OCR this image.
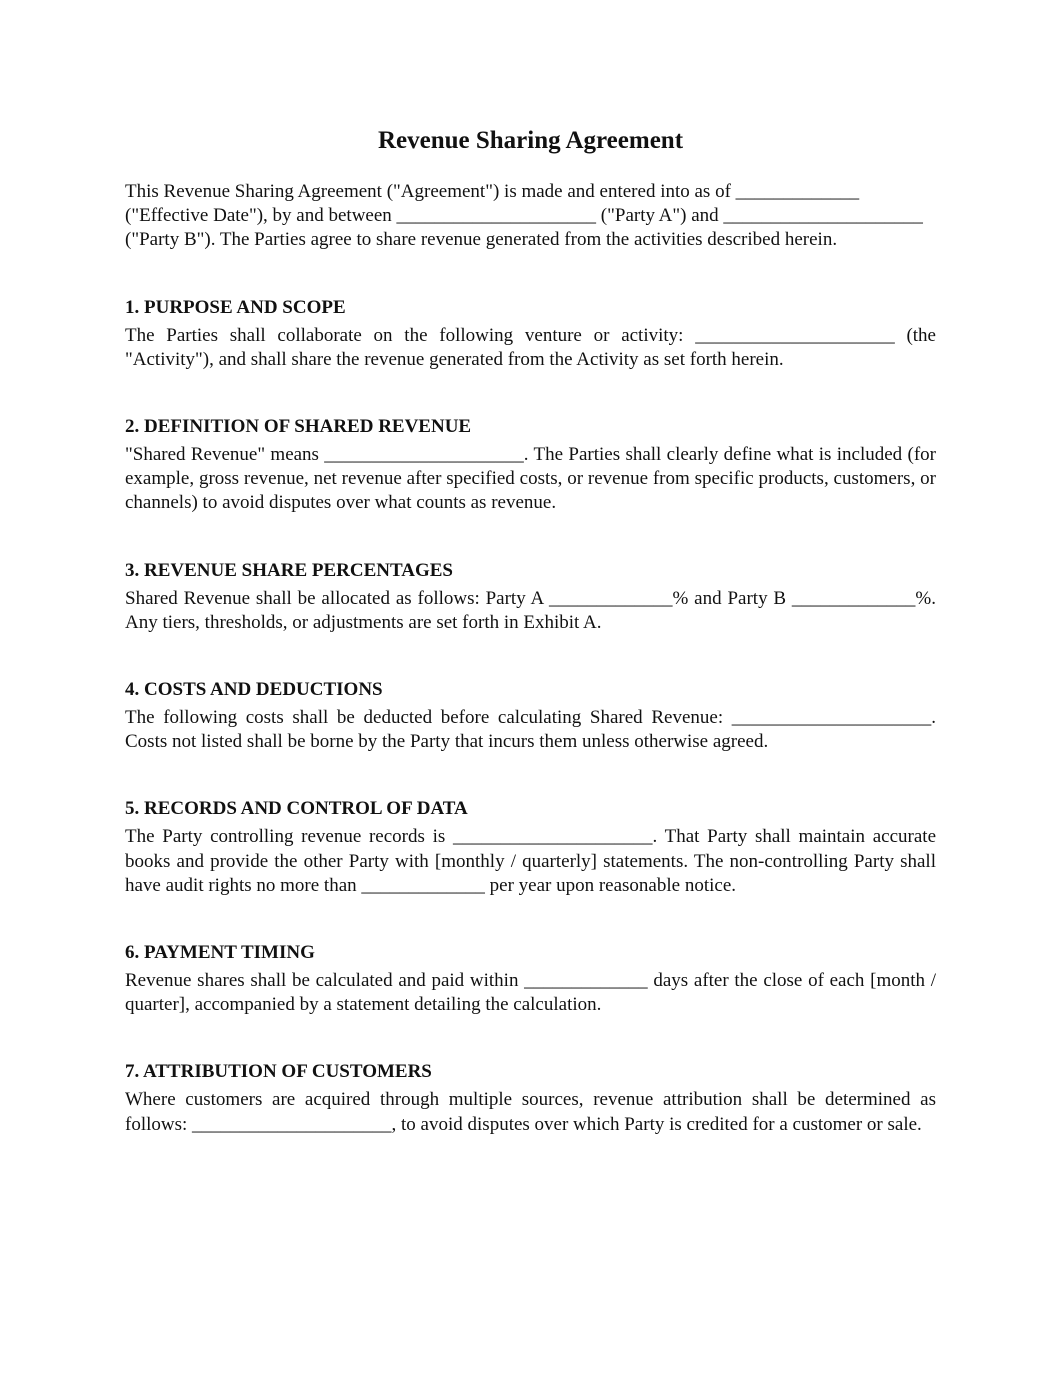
Revenue Sharing Agreement

This Revenue Sharing Agreement ("Agreement") is made and entered into as of _____________ ("Effective Date"), by and between _____________________ ("Party A") and _____________________ ("Party B"). The Parties agree to share revenue generated from the activities described herein.

1. PURPOSE AND SCOPE

The Parties shall collaborate on the following venture or activity: _____________________ (the "Activity"), and shall share the revenue generated from the Activity as set forth herein.

2. DEFINITION OF SHARED REVENUE

"Shared Revenue" means _____________________. The Parties shall clearly define what is included (for example, gross revenue, net revenue after specified costs, or revenue from specific products, customers, or channels) to avoid disputes over what counts as revenue.

3. REVENUE SHARE PERCENTAGES

Shared Revenue shall be allocated as follows: Party A _____________% and Party B _____________%. Any tiers, thresholds, or adjustments are set forth in Exhibit A.

4. COSTS AND DEDUCTIONS

The following costs shall be deducted before calculating Shared Revenue: _____________________. Costs not listed shall be borne by the Party that incurs them unless otherwise agreed.

5. RECORDS AND CONTROL OF DATA

The Party controlling revenue records is _____________________. That Party shall maintain accurate books and provide the other Party with [monthly / quarterly] statements. The non-controlling Party shall have audit rights no more than _____________ per year upon reasonable notice.

6. PAYMENT TIMING

Revenue shares shall be calculated and paid within _____________ days after the close of each [month / quarter], accompanied by a statement detailing the calculation.

7. ATTRIBUTION OF CUSTOMERS

Where customers are acquired through multiple sources, revenue attribution shall be determined as follows: _____________________, to avoid disputes over which Party is credited for a customer or sale.
